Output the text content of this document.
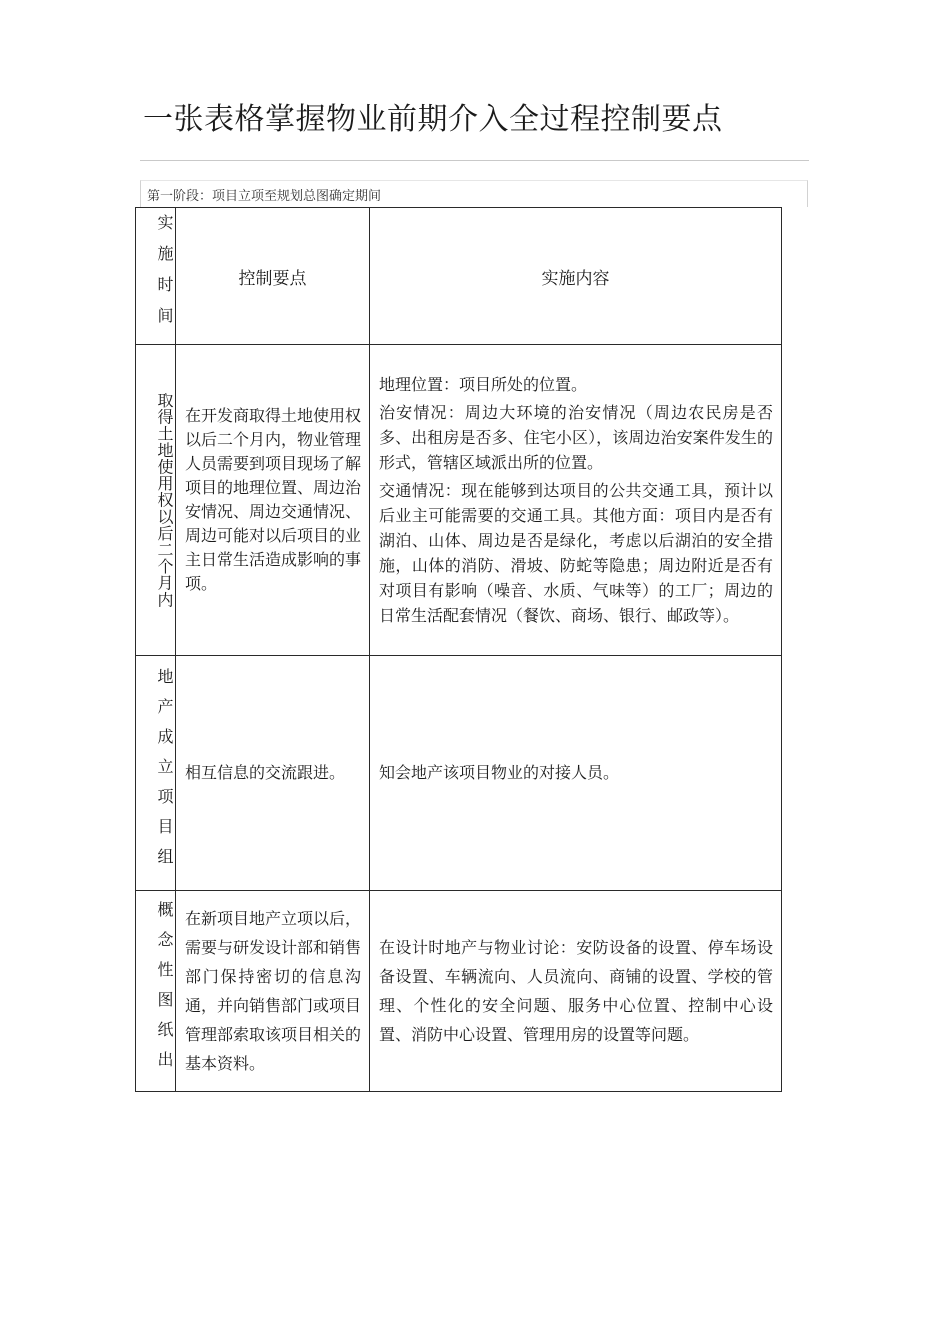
一张表格掌握物业前期介入全过程控制要点
第一阶段：项目立项至规划总图确定期间
实施时间	控制要点	实施内容

取得土地使用权以后二个月内	在开发商取得土地使用权以后二个月内，物业管理人员需要到项目现场了解项目的地理位置、周边治安情况、周边交通情况、周边可能对以后项目的业主日常生活造成影响的事项。	地理位置：项目所处的位置。
治安情况：周边大环境的治安情况（周边农民房是否多、出租房是否多、住宅小区），该周边治安案件发生的形式，管辖区域派出所的位置。
交通情况：现在能够到达项目的公共交通工具，预计以后业主可能需要的交通工具。其他方面：项目内是否有湖泊、山体、周边是否是绿化，考虑以后湖泊的安全措施，山体的消防、滑坡、防蛇等隐患；周边附近是否有对项目有影响（噪音、水质、气味等）的工厂；周边的日常生活配套情况（餐饮、商场、银行、邮政等）。

地产成立项目组	相互信息的交流跟进。	知会地产该项目物业的对接人员。

概念性图纸出	在新项目地产立项以后，需要与研发设计部和销售部门保持密切的信息沟通，并向销售部门或项目管理部索取该项目相关的基本资料。	在设计时地产与物业讨论：安防设备的设置、停车场设备设置、车辆流向、人员流向、商铺的设置、学校的管理、个性化的安全问题、服务中心位置、控制中心设置、消防中心设置、管理用房的设置等问题。
